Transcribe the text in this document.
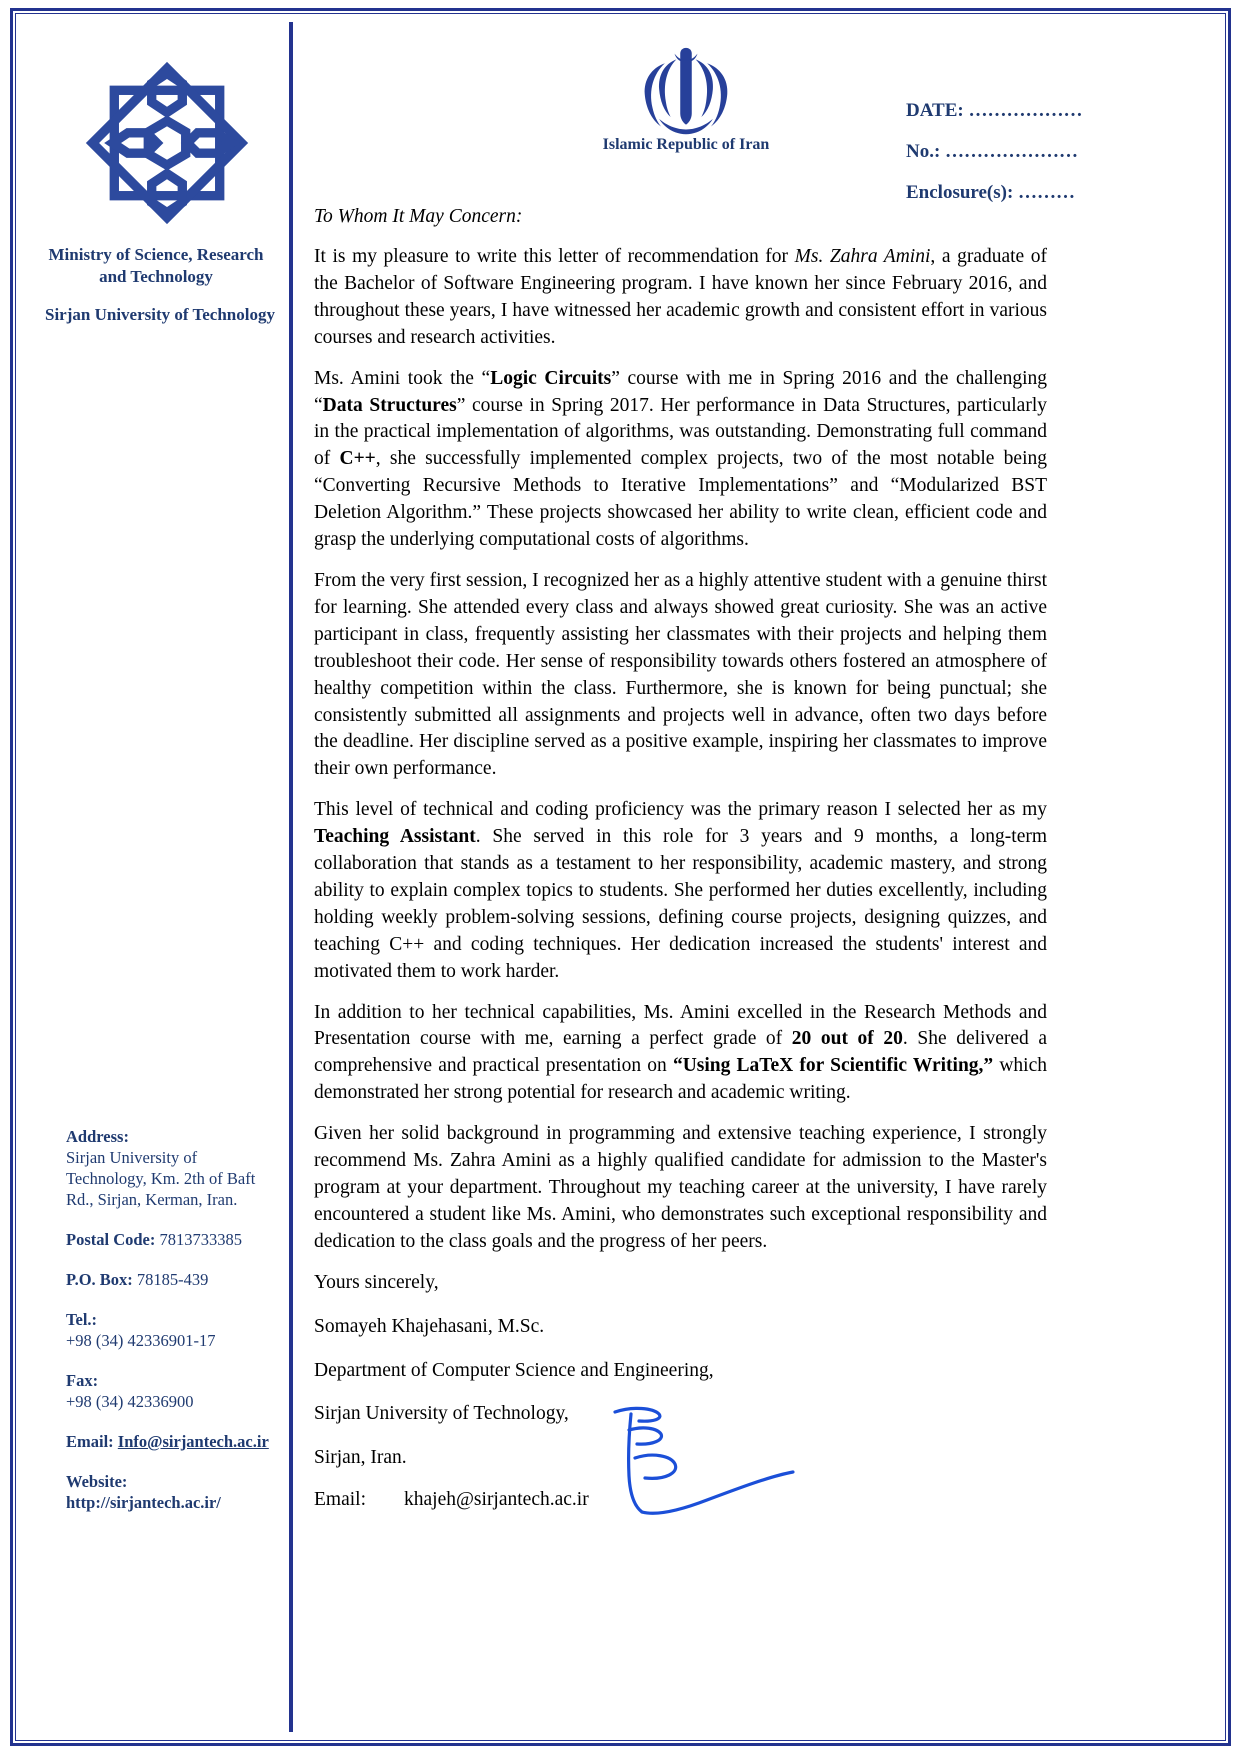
Ministry of Science, Research
and Technology
Sirjan University of Technology
Address:
Sirjan University of
Technology, Km. 2th of Baft
Rd., Sirjan, Kerman, Iran.
Postal Code: 7813733385
P.O. Box: 78185-439
Tel.:
+98 (34) 42336901-17
Fax:
+98 (34) 42336900
Email: Info@sirjantech.ac.ir
Website:
http://sirjantech.ac.ir/
Islamic Republic of Iran
DATE: ………………
No.: …………………
Enclosure(s): ………
To Whom It May Concern:
It is my pleasure to write this letter of recommendation for Ms. Zahra Amini, a graduate of the Bachelor of Software Engineering program. I have known her since February 2016, and throughout these years, I have witnessed her academic growth and consistent effort in various courses and research activities.
Ms. Amini took the “Logic Circuits” course with me in Spring 2016 and the challenging “Data Structures” course in Spring 2017. Her performance in Data Structures, particularly in the practical implementation of algorithms, was outstanding. Demonstrating full command of C++, she successfully implemented complex projects, two of the most notable being “Converting Recursive Methods to Iterative Implementations” and “Modularized BST Deletion Algorithm.” These projects showcased her ability to write clean, efficient code and grasp the underlying computational costs of algorithms.
From the very first session, I recognized her as a highly attentive student with a genuine thirst for learning. She attended every class and always showed great curiosity. She was an active participant in class, frequently assisting her classmates with their projects and helping them troubleshoot their code. Her sense of responsibility towards others fostered an atmosphere of healthy competition within the class. Furthermore, she is known for being punctual; she consistently submitted all assignments and projects well in advance, often two days before the deadline. Her discipline served as a positive example, inspiring her classmates to improve their own performance.
This level of technical and coding proficiency was the primary reason I selected her as my Teaching Assistant. She served in this role for 3 years and 9 months, a long-term collaboration that stands as a testament to her responsibility, academic mastery, and strong ability to explain complex topics to students. She performed her duties excellently, including holding weekly problem-solving sessions, defining course projects, designing quizzes, and teaching C++ and coding techniques. Her dedication increased the students' interest and motivated them to work harder.
In addition to her technical capabilities, Ms. Amini excelled in the Research Methods and Presentation course with me, earning a perfect grade of 20 out of 20. She delivered a comprehensive and practical presentation on “Using LaTeX for Scientific Writing,” which demonstrated her strong potential for research and academic writing.
Given her solid background in programming and extensive teaching experience, I strongly recommend Ms. Zahra Amini as a highly qualified candidate for admission to the Master's program at your department. Throughout my teaching career at the university, I have rarely encountered a student like Ms. Amini, who demonstrates such exceptional responsibility and dedication to the class goals and the progress of her peers.
Yours sincerely,
Somayeh Khajehasani, M.Sc.
Department of Computer Science and Engineering,
Sirjan University of Technology,
Sirjan, Iran.
Email: khajeh@sirjantech.ac.ir
